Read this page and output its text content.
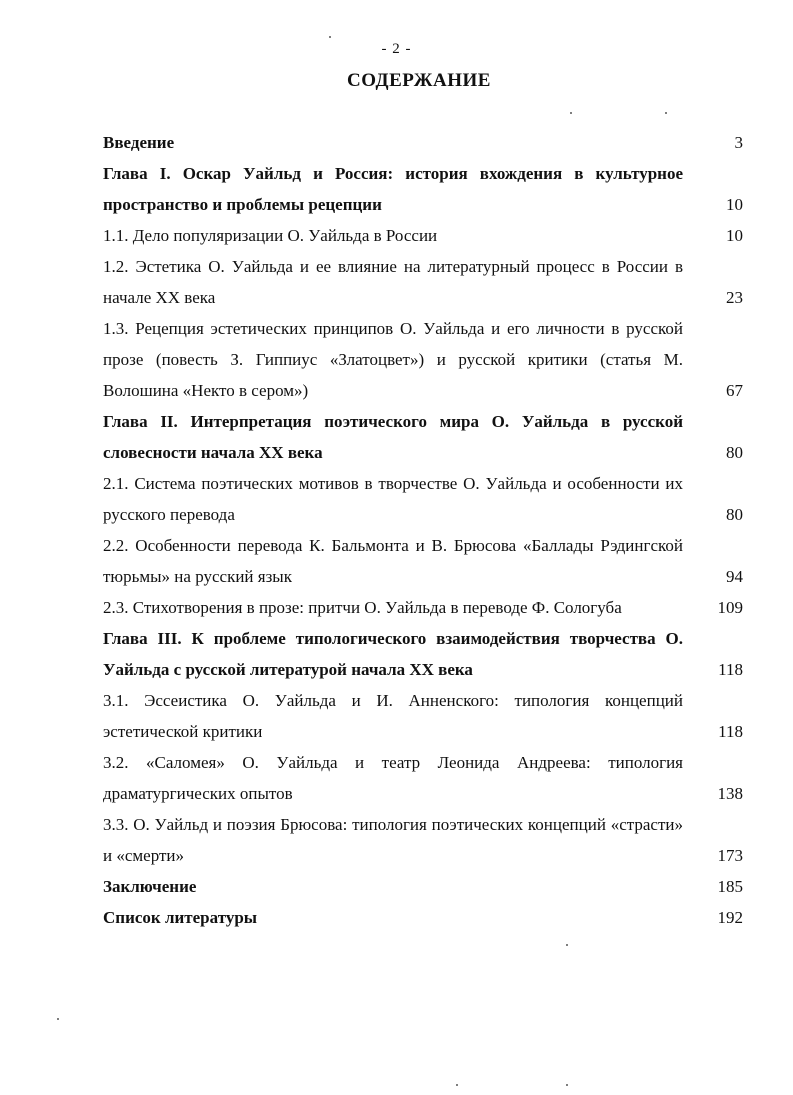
- 2 -
СОДЕРЖАНИЕ
Введение	3
Глава I. Оскар Уайльд и Россия: история вхождения в культурное пространство и проблемы рецепции	10
1.1. Дело популяризации О. Уайльда в России	10
1.2. Эстетика О. Уайльда и ее влияние на литературный процесс в России в начале XX века	23
1.3. Рецепция эстетических принципов О. Уайльда и его личности в русской прозе (повесть З. Гиппиус «Златоцвет») и русской критики (статья М. Волошина «Некто в сером»)	67
Глава II. Интерпретация поэтического мира О. Уайльда в русской словесности начала XX века	80
2.1. Система поэтических мотивов в творчестве О. Уайльда и особенности их русского перевода	80
2.2. Особенности перевода К. Бальмонта и В. Брюсова «Баллады Рэдингской тюрьмы» на русский язык	94
2.3. Стихотворения в прозе: притчи О. Уайльда в переводе Ф. Сологуба	109
Глава III. К проблеме типологического взаимодействия творчества О. Уайльда с русской литературой начала XX века	118
3.1. Эссеистика О. Уайльда и И. Анненского: типология концепций эстетической критики	118
3.2. «Саломея» О. Уайльда и театр Леонида Андреева: типология драматургических опытов	138
3.3. О. Уайльд и поэзия Брюсова: типология поэтических концепций «страсти» и «смерти»	173
Заключение	185
Список литературы	192
